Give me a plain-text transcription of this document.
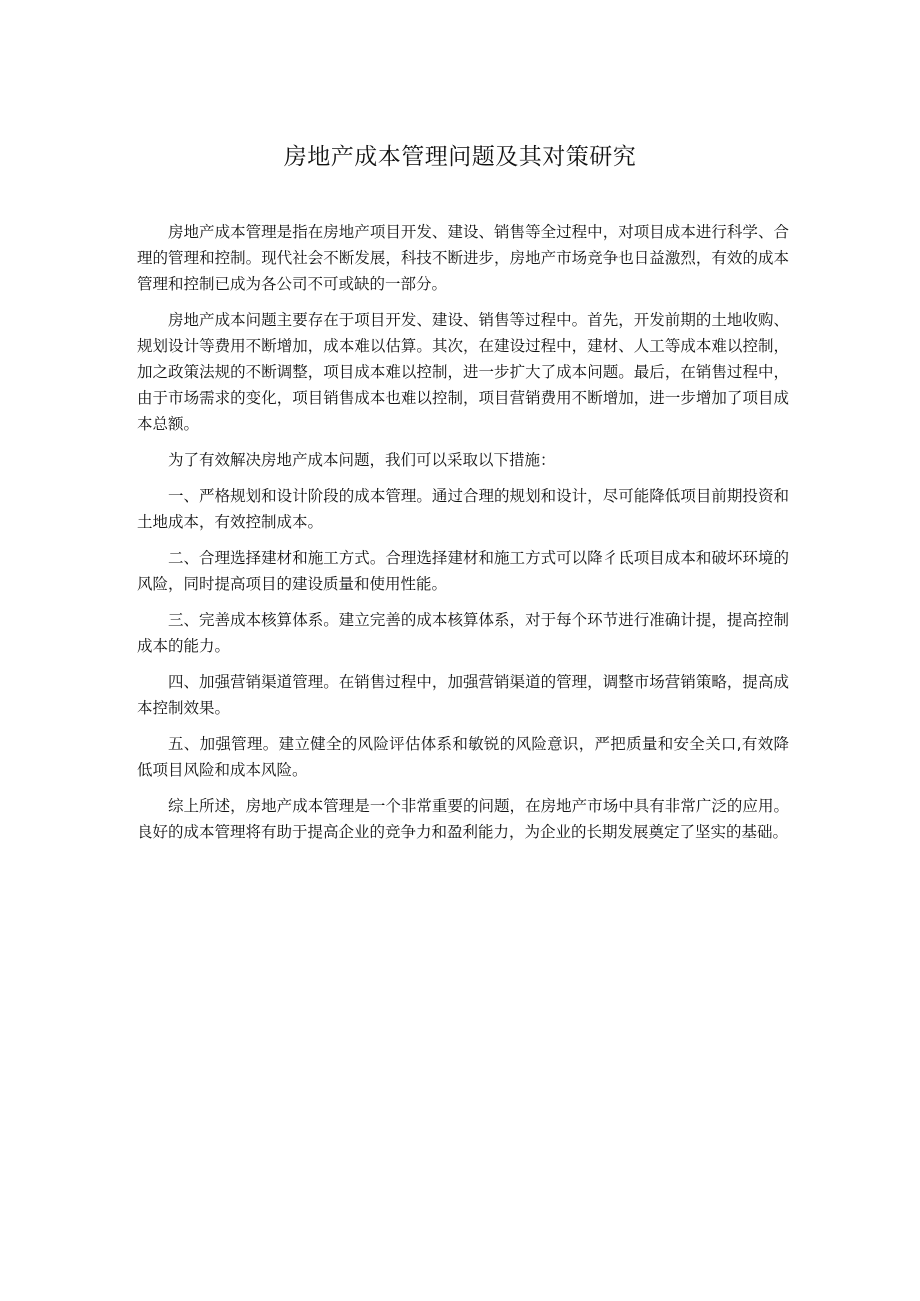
房地产成本管理问题及其对策研究

房地产成本管理是指在房地产项目开发、建设、销售等全过程中，对项目成本进行科学、合理的管理和控制。现代社会不断发展，科技不断进步，房地产市场竞争也日益激烈，有效的成本管理和控制已成为各公司不可或缺的一部分。

房地产成本问题主要存在于项目开发、建设、销售等过程中。首先，开发前期的土地收购、规划设计等费用不断增加，成本难以估算。其次，在建设过程中，建材、人工等成本难以控制，加之政策法规的不断调整，项目成本难以控制，进一步扩大了成本问题。最后，在销售过程中，由于市场需求的变化，项目销售成本也难以控制，项目营销费用不断增加，进一步增加了项目成本总额。

为了有效解决房地产成本问题，我们可以采取以下措施：

一、严格规划和设计阶段的成本管理。通过合理的规划和设计，尽可能降低项目前期投资和土地成本，有效控制成本。

二、合理选择建材和施工方式。合理选择建材和施工方式可以降彳氐项目成本和破坏环境的风险，同时提高项目的建设质量和使用性能。

三、完善成本核算体系。建立完善的成本核算体系，对于每个环节进行准确计提，提高控制成本的能力。

四、加强营销渠道管理。在销售过程中，加强营销渠道的管理，调整市场营销策略，提高成本控制效果。

五、加强管理。建立健全的风险评估体系和敏锐的风险意识，严把质量和安全关口,有效降低项目风险和成本风险。

综上所述，房地产成本管理是一个非常重要的问题，在房地产市场中具有非常广泛的应用。良好的成本管理将有助于提高企业的竞争力和盈利能力，为企业的长期发展奠定了坚实的基础。
